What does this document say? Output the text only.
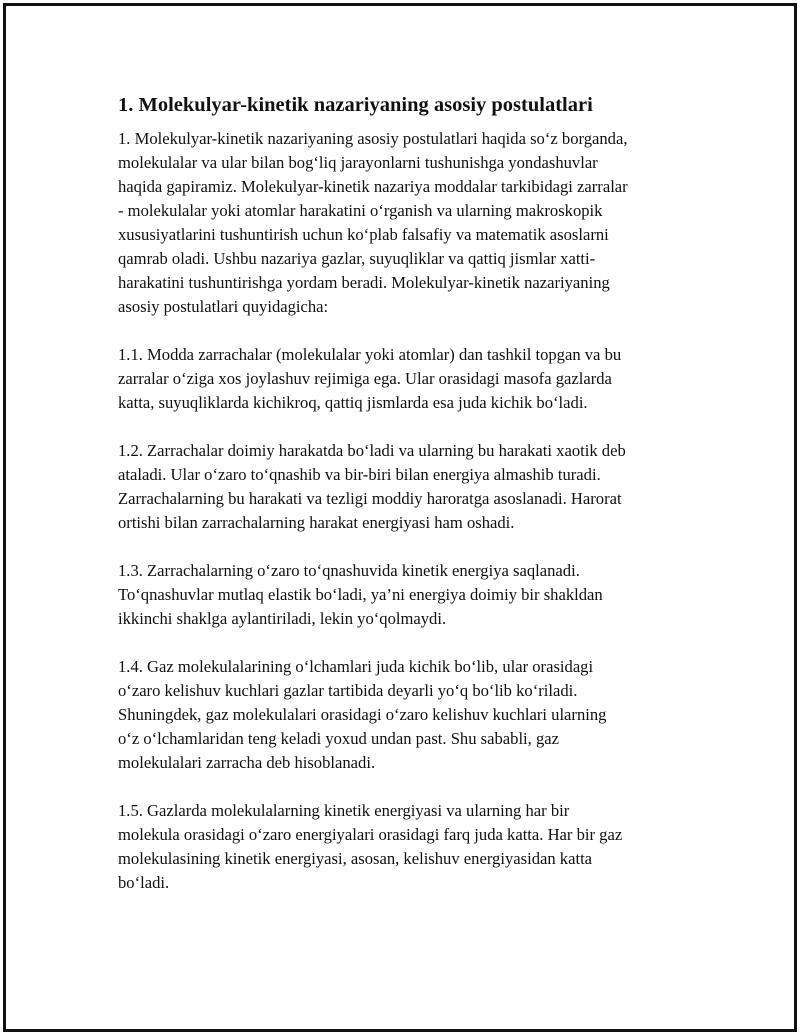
1. Molekulyar-kinetik nazariyaning asosiy postulatlari

1. Molekulyar-kinetik nazariyaning asosiy postulatlari haqida so‘z borganda,
molekulalar va ular bilan bog‘liq jarayonlarni tushunishga yondashuvlar
haqida gapiramiz. Molekulyar-kinetik nazariya moddalar tarkibidagi zarralar
- molekulalar yoki atomlar harakatini o‘rganish va ularning makroskopik
xususiyatlarini tushuntirish uchun ko‘plab falsafiy va matematik asoslarni
qamrab oladi. Ushbu nazariya gazlar, suyuqliklar va qattiq jismlar xatti-
harakatini tushuntirishga yordam beradi. Molekulyar-kinetik nazariyaning
asosiy postulatlari quyidagicha:

1.1. Modda zarrachalar (molekulalar yoki atomlar) dan tashkil topgan va bu
zarralar o‘ziga xos joylashuv rejimiga ega. Ular orasidagi masofa gazlarda
katta, suyuqliklarda kichikroq, qattiq jismlarda esa juda kichik bo‘ladi.

1.2. Zarrachalar doimiy harakatda bo‘ladi va ularning bu harakati xaotik deb
ataladi. Ular o‘zaro to‘qnashib va bir-biri bilan energiya almashib turadi.
Zarrachalarning bu harakati va tezligi moddiy haroratga asoslanadi. Harorat
ortishi bilan zarrachalarning harakat energiyasi ham oshadi.

1.3. Zarrachalarning o‘zaro to‘qnashuvida kinetik energiya saqlanadi.
To‘qnashuvlar mutlaq elastik bo‘ladi, ya’ni energiya doimiy bir shakldan
ikkinchi shaklga aylantiriladi, lekin yo‘qolmaydi.

1.4. Gaz molekulalarining o‘lchamlari juda kichik bo‘lib, ular orasidagi
o‘zaro kelishuv kuchlari gazlar tartibida deyarli yo‘q bo‘lib ko‘riladi.
Shuningdek, gaz molekulalari orasidagi o‘zaro kelishuv kuchlari ularning
o‘z o‘lchamlaridan teng keladi yoxud undan past. Shu sababli, gaz
molekulalari zarracha deb hisoblanadi.

1.5. Gazlarda molekulalarning kinetik energiyasi va ularning har bir
molekula orasidagi o‘zaro energiyalari orasidagi farq juda katta. Har bir gaz
molekulasining kinetik energiyasi, asosan, kelishuv energiyasidan katta
bo‘ladi.
